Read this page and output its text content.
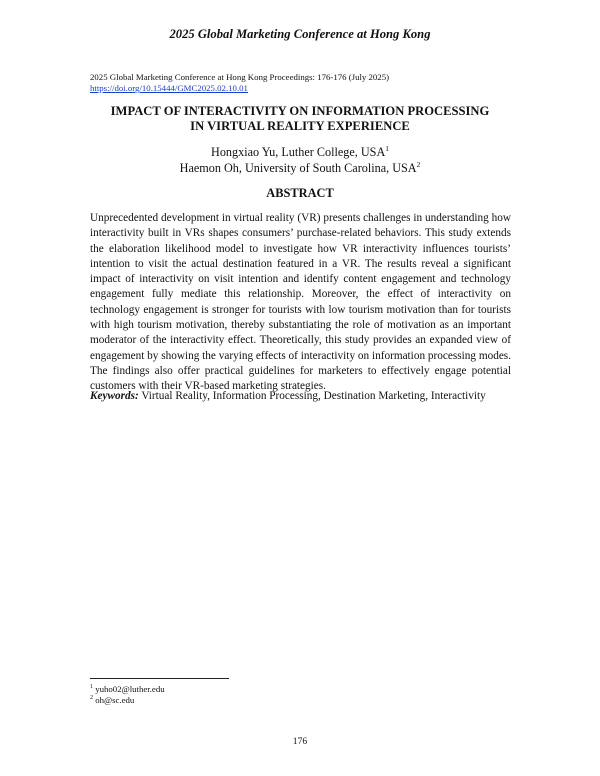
2025 Global Marketing Conference at Hong Kong
2025 Global Marketing Conference at Hong Kong Proceedings: 176-176 (July 2025)
https://doi.org/10.15444/GMC2025.02.10.01
IMPACT OF INTERACTIVITY ON INFORMATION PROCESSING
IN VIRTUAL REALITY EXPERIENCE
Hongxiao Yu, Luther College, USA$^1$
Haemon Oh, University of South Carolina, USA$^2$
ABSTRACT

Unprecedented development in virtual reality (VR) presents challenges in understanding how interactivity built in VRs shapes consumers’ purchase-related behaviors. This study extends the elaboration likelihood model to investigate how VR interactivity influences tourists’ intention to visit the actual destination featured in a VR. The results reveal a significant impact of interactivity on visit intention and identify content engagement and technology engagement fully mediate this relationship. Moreover, the effect of interactivity on technology engagement is stronger for tourists with low tourism motivation than for tourists with high tourism motivation, thereby substantiating the role of motivation as an important moderator of the interactivity effect. Theoretically, this study provides an expanded view of engagement by showing the varying effects of interactivity on information processing modes. The findings also offer practical guidelines for marketers to effectively engage potential customers with their VR-based marketing strategies.

Keywords: Virtual Reality, Information Processing, Destination Marketing, Interactivity

$^1$ yuho02@luther.edu
$^2$ oh@sc.edu
176
